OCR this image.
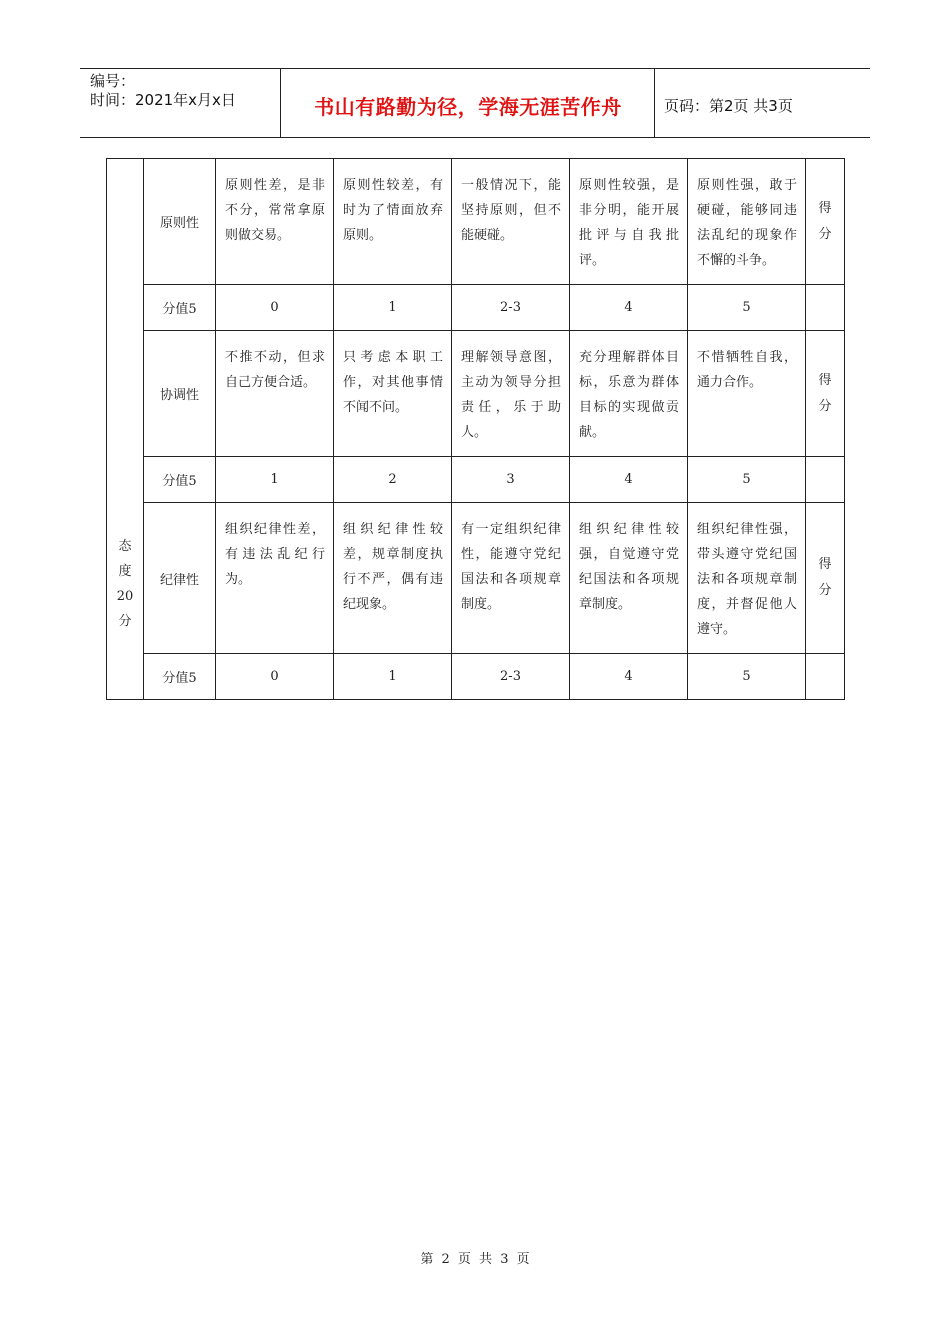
编号：
时间：2021年x月x日	书山有路勤为径，学海无涯苦作舟	页码：第2页 共3页
态
度
20
分	原则性	原则性差，是非不分，常常拿原则做交易。	原则性较差，有时为了情面放弃原则。	一般情况下，能坚持原则，但不能硬碰。	原则性较强，是非分明，能开展批评与自我批评。	原则性强，敢于硬碰，能够同违法乱纪的现象作不懈的斗争。	得
分

	分值5	0	1	2-3	4	5	
	协调性	不推不动，但求自己方便合适。	只考虑本职工作，对其他事情不闻不问。	理解领导意图，主动为领导分担责任，乐于助人。	充分理解群体目标，乐意为群体目标的实现做贡献。	不惜牺牲自我，通力合作。	得
分

	分值5	1	2	3	4	5	
	纪律性	组织纪律性差，有违法乱纪行为。	组织纪律性较差，规章制度执行不严，偶有违纪现象。	有一定组织纪律性，能遵守党纪国法和各项规章制度。	组织纪律性较强，自觉遵守党纪国法和各项规章制度。	组织纪律性强，带头遵守党纪国法和各项规章制度，并督促他人遵守。	得
分

	分值5	0	1	2-3	4	5	
第 2 页 共 3 页
